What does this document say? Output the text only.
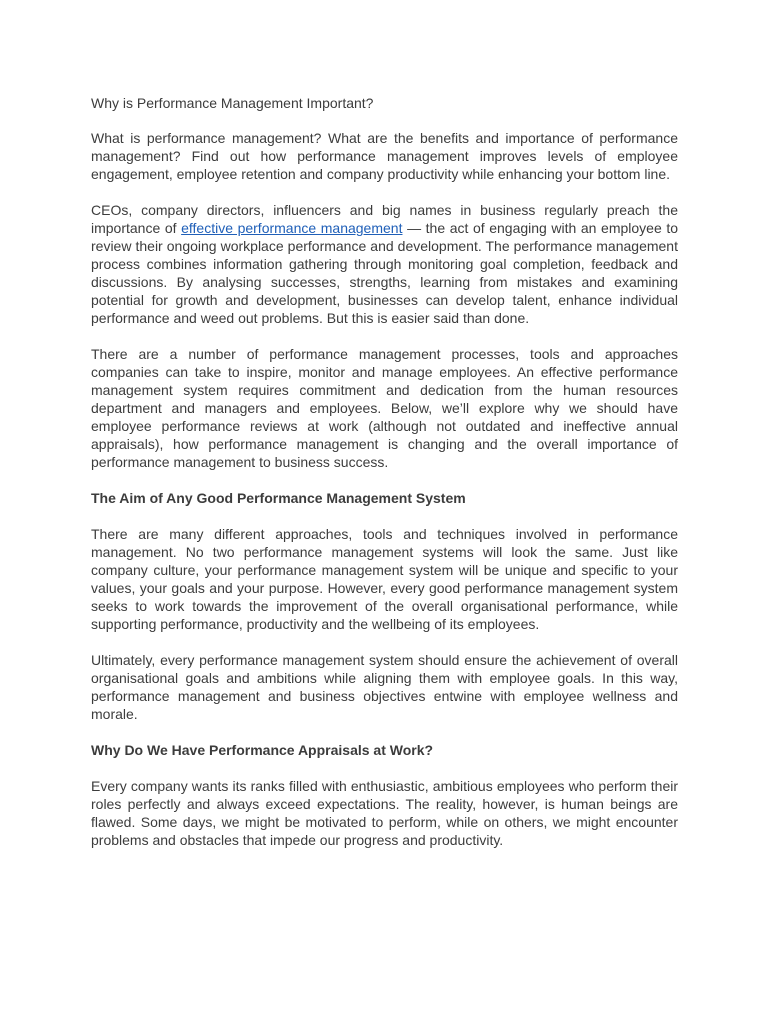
Why is Performance Management Important?

What is performance management? What are the benefits and importance of performance management? Find out how performance management improves levels of employee engagement, employee retention and company productivity while enhancing your bottom line.

CEOs, company directors, influencers and big names in business regularly preach the importance of effective performance management — the act of engaging with an employee to review their ongoing workplace performance and development. The performance management process combines information gathering through monitoring goal completion, feedback and discussions. By analysing successes, strengths, learning from mistakes and examining potential for growth and development, businesses can develop talent, enhance individual performance and weed out problems. But this is easier said than done.

There are a number of performance management processes, tools and approaches companies can take to inspire, monitor and manage employees. An effective performance management system requires commitment and dedication from the human resources department and managers and employees. Below, we’ll explore why we should have employee performance reviews at work (although not outdated and ineffective annual appraisals), how performance management is changing and the overall importance of performance management to business success.

The Aim of Any Good Performance Management System

There are many different approaches, tools and techniques involved in performance management. No two performance management systems will look the same. Just like company culture, your performance management system will be unique and specific to your values, your goals and your purpose. However, every good performance management system seeks to work towards the improvement of the overall organisational performance, while supporting performance, productivity and the wellbeing of its employees.

Ultimately, every performance management system should ensure the achievement of overall organisational goals and ambitions while aligning them with employee goals. In this way, performance management and business objectives entwine with employee wellness and morale.

Why Do We Have Performance Appraisals at Work?

Every company wants its ranks filled with enthusiastic, ambitious employees who perform their roles perfectly and always exceed expectations. The reality, however, is human beings are flawed. Some days, we might be motivated to perform, while on others, we might encounter problems and obstacles that impede our progress and productivity.
